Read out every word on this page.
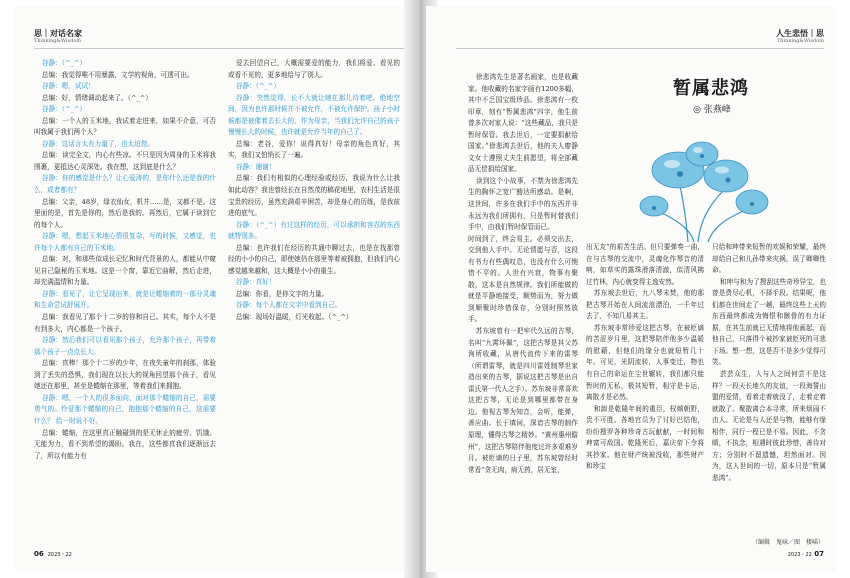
思｜对话名家
Thinking&Wisdom

谷静：（^_^）

总编：我觉得唯不用暴露，文学的视角，可透可出。

谷静：嗯，试试！

总编：好，情绪调动起来了。（^_^）

谷静：（^_^）

总编：一个人的玉米地，我试着走进来，如果不介意，可否叫我属于我们两个人？

谷静：这话言太有力量了，也太迫您。

总编：读完全文，内心有些凉。不只是因为周身的玉米将我围裹，更抵达心灵深处。我在想，这到底是什么？

谷静：你的感觉是什么？让心爱涛的，是你什么还是我的什么，或者都有？

总编：父亲，48岁，绿衣仙女，机井……是，又都不是。这里面的是，首先是你的，然后是我的。再然后，它属于读到它的每个人。

谷静：嗯，想起玉米地心情很复杂，写的时候，又感觉，也许每个人都有自己的玉米地。

总编：对，和那些似成长记忆和时代背景的人，都能从中窥见自己隐秘的玉米地。这是一个窗，靠近它曲解，然后走进，却充满温情和力量。

谷静：看见了，让它呈现出来，就是让蜷缩着的一部分灵魂和生命尝试舒展开。

总编：我看见了那个十二岁的你和自己。其实，每个人不是有到多大，内心都是一个孩子。

谷静：然后我们可以看见那个孩子，允许那个孩子，再带着那个孩子一点点长大。

总编：真棒！那个十二岁的少年，在夜失童年的刹那，体验到了丢失的恐惧，我们现在以长大的视角回望那个孩子，看见她还在那里，甚至是蜷缩在那里，等着我们来拥抱。

谷静：嗯，一个人的很多面向，面对那个蜷缩的自己，需要勇气的。怜爱那个蜷缩的自己，抱抱那个蜷缩的自己，这需要什么？ 给一时说不好。

总编：蜷缩，在这里真正触碰到的是无休止的疲劳、饥饿、无能为力，看不到希望的渴盼。我在，这些都真我们逐渐远去了，所以有能力有

爱去回望自己，大概需要爱的能力，我们将爱、看见的或看不见的，更多地给与了别人。

谷静：（^_^）

谷静：突然觉得，长不大就让她在那儿待着吧。绝地空间，因为也许那时候并不被允许，不被允许保护。孩子小时候都是被催着去长大的，作为母亲，当我们允许自己的孩子慢慢长大的时候，也许就是允许当年的自己了。

总编：老谷，爱你！说得真好！母亲的角色真好，其实，我们又怕悄长了一遍。

谷静：谢谢！

总编：我们有相似的心理经验或经历，我说为什么让我如此动容？我也曾经长在自然茂的稿花地里，农村生活是很宝贵的经历，虽然充满艰辛困苦，却是身心的历练，是我前进的底气。

谷静：（^_^）有过这样的经历，可以承担和容忍的东西就特别多。

总编：也许我们在经历的共通中聊过去，也是在找那曾经的小小的自己，即使她仍在那里等着被拥抱，但我们内心感觉越来越和，这大概是小小的重生。

谷静：真好！

总编：你看，是你文字的力量。

谷静：每个人都在文字中看到自己。

总编：现场好温暖，灯光收起。（^_^）

06 2023・22
人生悲悟｜思
Thinking&Wisdom
暂属悲鸿
◎ 张燕峰

徐悲鸿先生是著名画家，也是收藏家。他收藏的名家字画有1200多幅，其中不乏国宝级珍品。徐悲鸿有一枚印章，刻有“暂属悲鸿”四字，他生前曾多次对家人说：“这些藏品，我只是暂时保管。我去世后，一定要捐献给国家。”徐悲鸿去世后，他的夫人廖静文女士遵照丈夫生前愿望，将全部藏品无偿捐给国家。

读到这个小故事，不禁为徐悲鸿先生的胸怀之宽广豁达所感动。是啊，这世间，许多在我们手中的东西并非永远为我们所拥有，只是暂时替我们手中，由我们暂时保管而已。

时间到了，终会易主。必须交出去，交到他人手中。无论情愿与否，这段有书力有些偶叹息，也没有什么可惋惜不平的。人世有兴衰，物事有聚散，这本是自然规律。我们所能做的就是平静地接受，顺势而为，努力做到顺聚时珍惜保存，分别时照然放手。

苏东坡曾有一把牢代久远的古琴，名叫“九霄环佩”，这把古琴是其父苏洵所收藏，从唐代流传下来的雷琴（所谓雷琴，就是四川雷姓制琴世家造出来的古琴，据说这把古琴是出自雷氏第一代人之手）。苏东坡非常喜欢这把古琴，无论是到哪里都带在身边。他视古琴为知音，会听，能弹，善应曲。长于填词，深谙古琴的制作原理，懂得古琴之精妙。“黄州惠州儋州”，这把古琴陪伴他度过许多艰难岁月。被贬谪的日子里，苏东坡曾经时常看“贪无肉，病无药，居无室，

出无友”的艰苦生活。但只要弹奏一曲，在与古琴的交流中，灵魂化作琴音的清响，如草实的露珠滑落清澈，似清风拂过竹林，内心就变得主逸安然。

苏东坡去世后，九八琴未焚，他的那把古琴开始在人间流浪漂泊，一千年过去了，不知几易其主。

苏东坡非常珍爱这把古琴，在被贬谪的苦涩岁月里，这把琴陪伴他多少温暖的慰藉，但他们的缘分也就短暂几十年。可见，光阴流转，人事变迁，物也有自己的命运在尘世辗转，我们都只能暂时的无私，极其短暂，相守是卡运，离散才是必然。

和卸是乾隆年间的重臣，权倾朝野，贵不可胜。各地官员为了讨好巴结他，纷纷搜罗各种珍奇古玩献献，一时间和珅富可敌国。乾隆死后，嘉庆帝下令将其抄家。他在财产统被没收，那些财产和珍宝

只给和珅带来短暂的欢娱和荣耀，最终却给自己和儿孙带来灾祸，误了卿卿性命。

和珅与和为了搜刮这些奇珍异宝，也曾是费尽心机，不择手段。结果呢，他们都在世间走了一趟，最终这些上天的东西最终都成为悔恨和骸骨的有力证据，在其生前就已无情地将他画起，而他自己，只落得个被抄家被贬死的可悲下场。想一想，这是否不是多少觉得可笑。

芸芸众生，人与人之间何尝不是这样？一段天长地久的友谊，一段海誓山盟的爱情，看着走着就没了，走着走着就散了。聚散离合本寻常，所来烦闹不由人。无论是与人还是与物，能够有缘相伴，同行一程已是不易。因此，不贪瞋，不执念，相遇时彼此珍惜，善待对方；分别时不留遗憾，坦然面对。因为，这人世间的一切，原本只是“暂属悲鸿”。

（编辑　鬼咏／图　楼喵）
2023・22 07
